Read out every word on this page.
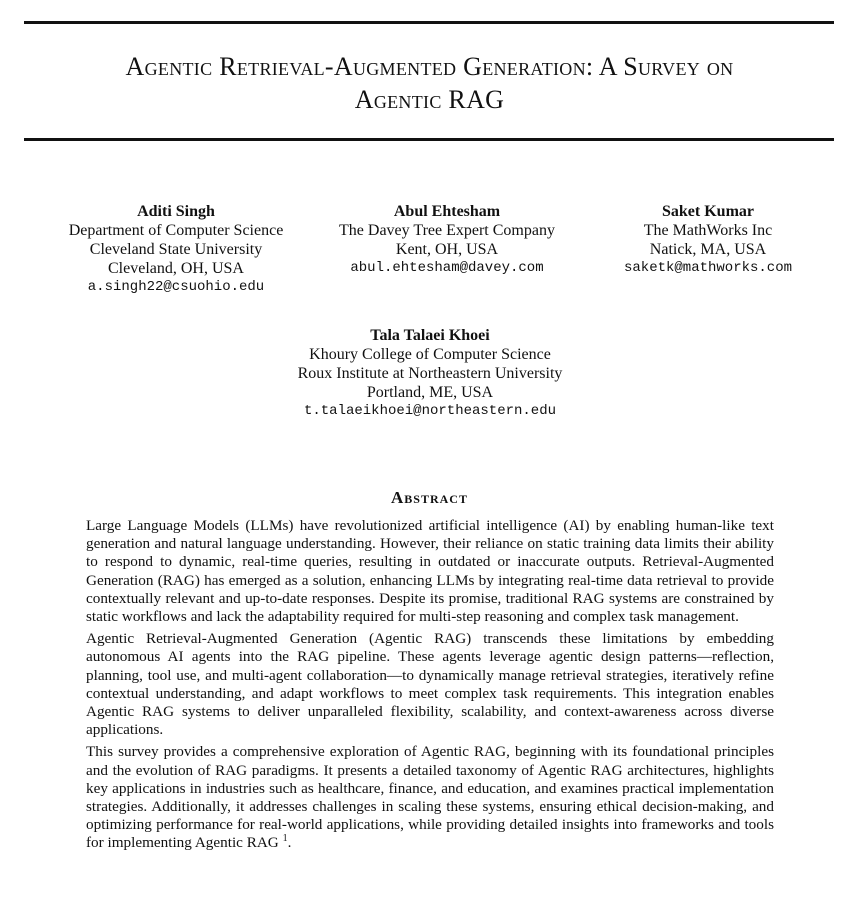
Agentic Retrieval-Augmented Generation: A Survey on
Agentic RAG
Aditi Singh
Department of Computer Science
Cleveland State University
Cleveland, OH, USA
a.singh22@csuohio.edu
Abul Ehtesham
The Davey Tree Expert Company
Kent, OH, USA
abul.ehtesham@davey.com
Saket Kumar
The MathWorks Inc
Natick, MA, USA
saketk@mathworks.com
Tala Talaei Khoei
Khoury College of Computer Science
Roux Institute at Northeastern University
Portland, ME, USA
t.talaeikhoei@northeastern.edu
Abstract

Large Language Models (LLMs) have revolutionized artificial intelligence (AI) by enabling human-like text generation and natural language understanding. However, their reliance on static training data limits their ability to respond to dynamic, real-time queries, resulting in outdated or inaccurate outputs. Retrieval-Augmented Generation (RAG) has emerged as a solution, enhancing LLMs by integrating real-time data retrieval to provide contextually relevant and up-to-date responses. Despite its promise, traditional RAG systems are constrained by static workflows and lack the adaptability required for multi-step reasoning and complex task management.

Agentic Retrieval-Augmented Generation (Agentic RAG) transcends these limitations by embedding autonomous AI agents into the RAG pipeline. These agents leverage agentic design patterns—reflection, planning, tool use, and multi-agent collaboration—to dynamically manage retrieval strategies, iteratively refine contextual understanding, and adapt workflows to meet complex task requirements. This integration enables Agentic RAG systems to deliver unparalleled flexibility, scalability, and context-awareness across diverse applications.

This survey provides a comprehensive exploration of Agentic RAG, beginning with its foundational principles and the evolution of RAG paradigms. It presents a detailed taxonomy of Agentic RAG architectures, highlights key applications in industries such as healthcare, finance, and education, and examines practical implementation strategies. Additionally, it addresses challenges in scaling these systems, ensuring ethical decision-making, and optimizing performance for real-world applications, while providing detailed insights into frameworks and tools for implementing Agentic RAG $^1$.
